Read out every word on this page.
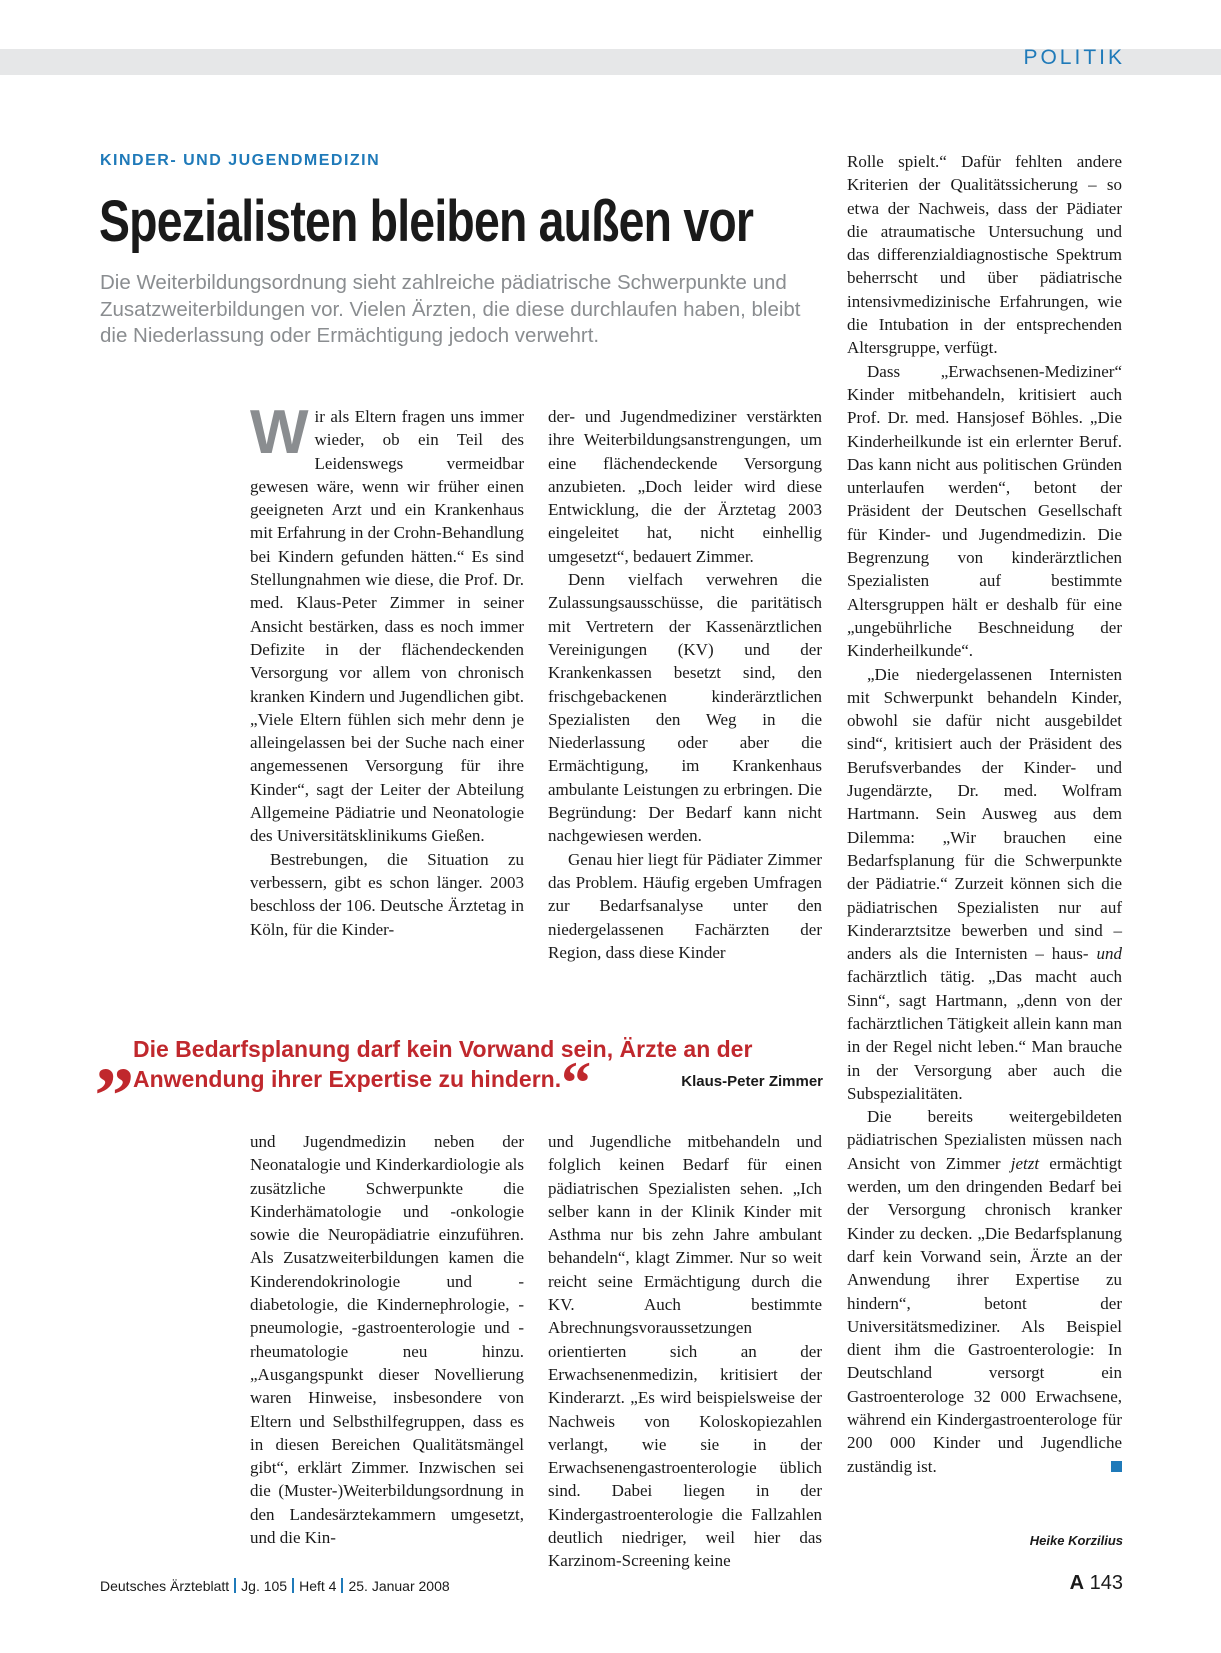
POLITIK
KINDER- UND JUGENDMEDIZIN
Spezialisten bleiben außen vor
Die Weiterbildungsordnung sieht zahlreiche pädiatrische Schwerpunkte und Zusatzweiterbildungen vor. Vielen Ärzten, die diese durchlaufen haben, bleibt die Niederlassung oder Ermächtigung jedoch verwehrt.

Wir als Eltern fragen uns immer wieder, ob ein Teil des Leidenswegs vermeidbar gewesen wäre, wenn wir früher einen geeigneten Arzt und ein Krankenhaus mit Erfahrung in der Crohn-Behandlung bei Kindern gefunden hätten.“ Es sind Stellungnahmen wie diese, die Prof. Dr. med. Klaus-Peter Zimmer in seiner Ansicht bestärken, dass es noch immer Defizite in der flächendeckenden Versorgung vor allem von chronisch kranken Kindern und Jugendlichen gibt. „Viele Eltern fühlen sich mehr denn je alleingelassen bei der Suche nach einer angemessenen Versorgung für ihre Kinder“, sagt der Leiter der Abteilung Allgemeine Pädiatrie und Neonatologie des Universitätsklinikums Gießen.

Bestrebungen, die Situation zu verbessern, gibt es schon länger. 2003 beschloss der 106. Deutsche Ärztetag in Köln, für die Kinder-

der- und Jugendmediziner verstärkten ihre Weiterbildungsanstrengungen, um eine flächendeckende Versorgung anzubieten. „Doch leider wird diese Entwicklung, die der Ärztetag 2003 eingeleitet hat, nicht einhellig umgesetzt“, bedauert Zimmer.

Denn vielfach verwehren die Zulassungsausschüsse, die paritätisch mit Vertretern der Kassenärztlichen Vereinigungen (KV) und der Krankenkassen besetzt sind, den frischgebackenen kinderärztlichen Spezialisten den Weg in die Niederlassung oder aber die Ermächtigung, im Krankenhaus ambulante Leistungen zu erbringen. Die Begründung: Der Bedarf kann nicht nachgewiesen werden.

Genau hier liegt für Pädiater Zimmer das Problem. Häufig ergeben Umfragen zur Bedarfsanalyse unter den niedergelassenen Fachärzten der Region, dass diese Kinder

„
Die Bedarfsplanung darf kein Vorwand sein, Ärzte an der Anwendung ihrer Expertise zu hindern.“	Klaus-Peter Zimmer

und Jugendmedizin neben der Neonatalogie und Kinderkardiologie als zusätzliche Schwerpunkte die Kinderhämatologie und -onkologie sowie die Neuropädiatrie einzuführen. Als Zusatzweiterbildungen kamen die Kinderendokrinologie und -diabetologie, die Kindernephrologie, -pneumologie, -gastroenterologie und -rheumatologie neu hinzu. „Ausgangspunkt dieser Novellierung waren Hinweise, insbesondere von Eltern und Selbsthilfegruppen, dass es in diesen Bereichen Qualitätsmängel gibt“, erklärt Zimmer. Inzwischen sei die (Muster-)Weiterbildungsordnung in den Landesärztekammern umgesetzt, und die Kin-

und Jugendliche mitbehandeln und folglich keinen Bedarf für einen pädiatrischen Spezialisten sehen. „Ich selber kann in der Klinik Kinder mit Asthma nur bis zehn Jahre ambulant behandeln“, klagt Zimmer. Nur so weit reicht seine Ermächtigung durch die KV. Auch bestimmte Abrechnungsvoraussetzungen orientierten sich an der Erwachsenenmedizin, kritisiert der Kinderarzt. „Es wird beispielsweise der Nachweis von Koloskopiezahlen verlangt, wie sie in der Erwachsenengastroenterologie üblich sind. Dabei liegen in der Kindergastroenterologie die Fallzahlen deutlich niedriger, weil hier das Karzinom-Screening keine

Rolle spielt.“ Dafür fehlten andere Kriterien der Qualitätssicherung – so etwa der Nachweis, dass der Pädiater die atraumatische Untersuchung und das differenzialdiagnostische Spektrum beherrscht und über pädiatrische intensivmedizinische Erfahrungen, wie die Intubation in der entsprechenden Altersgruppe, verfügt.

Dass „Erwachsenen-Mediziner“ Kinder mitbehandeln, kritisiert auch Prof. Dr. med. Hansjosef Böhles. „Die Kinderheilkunde ist ein erlernter Beruf. Das kann nicht aus politischen Gründen unterlaufen werden“, betont der Präsident der Deutschen Gesellschaft für Kinder- und Jugendmedizin. Die Begrenzung von kinderärztlichen Spezialisten auf bestimmte Altersgruppen hält er deshalb für eine „ungebührliche Beschneidung der Kinderheilkunde“.

„Die niedergelassenen Internisten mit Schwerpunkt behandeln Kinder, obwohl sie dafür nicht ausgebildet sind“, kritisiert auch der Präsident des Berufsverbandes der Kinder- und Jugendärzte, Dr. med. Wolfram Hartmann. Sein Ausweg aus dem Dilemma: „Wir brauchen eine Bedarfsplanung für die Schwerpunkte der Pädiatrie.“ Zurzeit können sich die pädiatrischen Spezialisten nur auf Kinderarztsitze bewerben und sind – anders als die Internisten – haus- und fachärztlich tätig. „Das macht auch Sinn“, sagt Hartmann, „denn von der fachärztlichen Tätigkeit allein kann man in der Regel nicht leben.“ Man brauche in der Versorgung aber auch die Subspezialitäten.

Die bereits weitergebildeten pädiatrischen Spezialisten müssen nach Ansicht von Zimmer jetzt ermächtigt werden, um den dringenden Bedarf bei der Versorgung chronisch kranker Kinder zu decken. „Die Bedarfsplanung darf kein Vorwand sein, Ärzte an der Anwendung ihrer Expertise zu hindern“, betont der Universitätsmediziner. Als Beispiel dient ihm die Gastroenterologie: In Deutschland versorgt ein Gastroenterologe 32 000 Erwachsene, während ein Kindergastroenterologe für 200 000 Kinder und Jugendliche zuständig ist.

Heike Korzilius
Deutsches Ärzteblatt Jg. 105 Heft 4 25. Januar 2008	A 143
